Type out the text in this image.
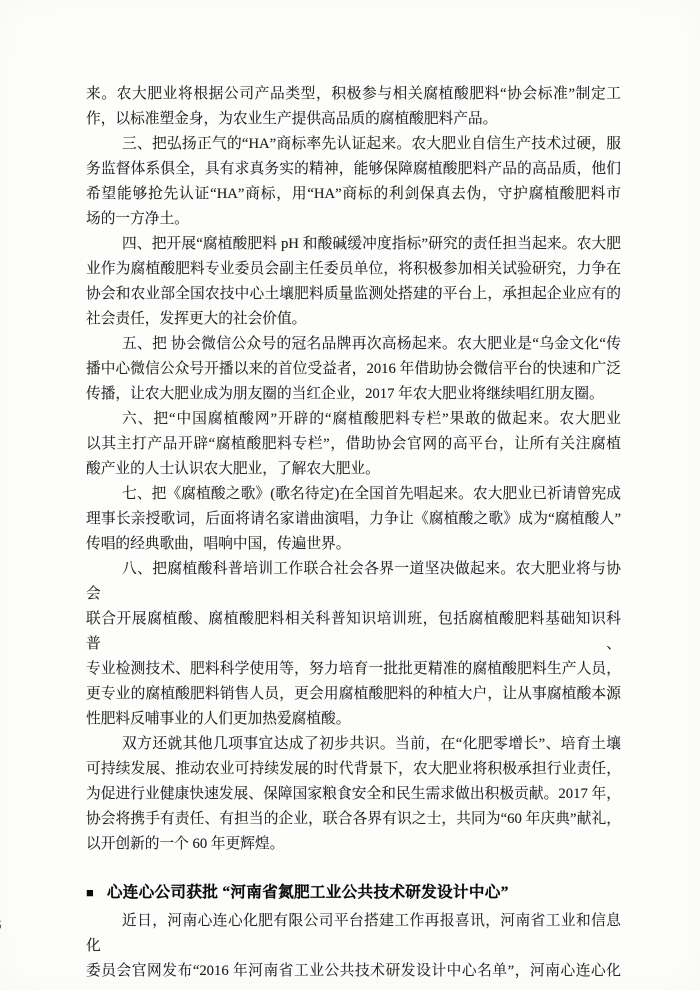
来。农大肥业将根据公司产品类型，积极参与相关腐植酸肥料“协会标准”制定工
作，以标准塑金身，为农业生产提供高品质的腐植酸肥料产品。
三、把弘扬正气的“HA”商标率先认证起来。农大肥业自信生产技术过硬，服
务监督体系俱全，具有求真务实的精神，能够保障腐植酸肥料产品的高品质，他们
希望能够抢先认证“HA”商标，用“HA”商标的利剑保真去伪，守护腐植酸肥料市
场的一方净土。
四、把开展“腐植酸肥料 pH 和酸碱缓冲度指标”研究的责任担当起来。农大肥
业作为腐植酸肥料专业委员会副主任委员单位，将积极参加相关试验研究，力争在
协会和农业部全国农技中心土壤肥料质量监测处搭建的平台上，承担起企业应有的
社会责任，发挥更大的社会价值。
五、把 协会微信公众号的冠名品牌再次高杨起来。农大肥业是“乌金文化“传
播中心微信公众号开播以来的首位受益者，2016 年借助协会微信平台的快速和广泛
传播，让农大肥业成为朋友圈的当红企业，2017 年农大肥业将继续唱红朋友圈。
六、把“中国腐植酸网”开辟的“腐植酸肥料专栏”果敢的做起来。农大肥业
以其主打产品开辟“腐植酸肥料专栏”，借助协会官网的高平台，让所有关注腐植
酸产业的人士认识农大肥业，了解农大肥业。
七、把《腐植酸之歌》(歌名待定)在全国首先唱起来。农大肥业已祈请曾宪成
理事长亲授歌词，后面将请名家谱曲演唱，力争让《腐植酸之歌》成为“腐植酸人”
传唱的经典歌曲，唱响中国，传遍世界。
八、把腐植酸科普培训工作联合社会各界一道坚决做起来。农大肥业将与协会
联合开展腐植酸、腐植酸肥料相关科普知识培训班，包括腐植酸肥料基础知识科普、
专业检测技术、肥料科学使用等，努力培育一批批更精准的腐植酸肥料生产人员，
更专业的腐植酸肥料销售人员，更会用腐植酸肥料的种植大户，让从事腐植酸本源
性肥料反哺事业的人们更加热爱腐植酸。
双方还就其他几项事宜达成了初步共识。当前，在“化肥零增长”、培育土壤
可持续发展、推动农业可持续发展的时代背景下，农大肥业将积极承担行业责任，
为促进行业健康快速发展、保障国家粮食安全和民生需求做出积极贡献。2017 年，
协会将携手有责任、有担当的企业，联合各界有识之士，共同为“60 年庆典”献礼，
以开创新的一个 60 年更辉煌。
■ 心连心公司获批 “河南省氮肥工业公共技术研发设计中心”
近日，河南心连心化肥有限公司平台搭建工作再报喜讯，河南省工业和信息化
委员会官网发布“2016 年河南省工业公共技术研发设计中心名单”，河南心连心化
